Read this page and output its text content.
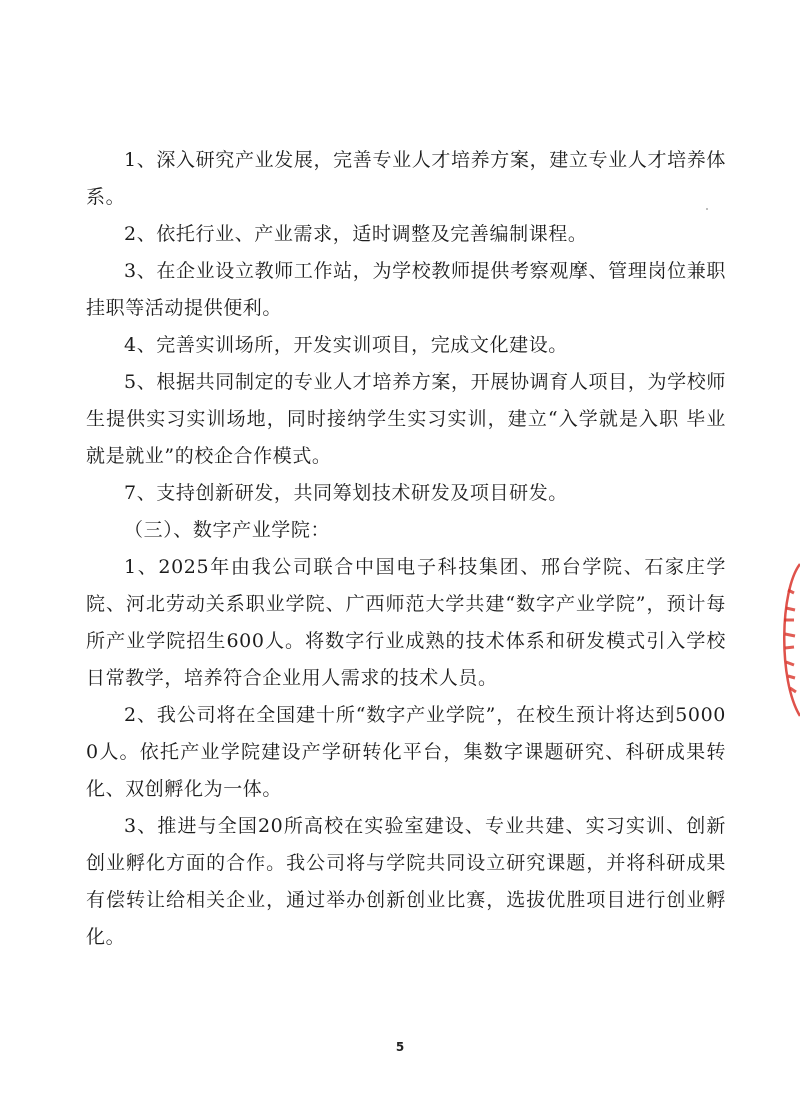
1、深入研究产业发展，完善专业人才培养方案，建立专业人才培养体系。

2、依托行业、产业需求，适时调整及完善编制课程。

3、在企业设立教师工作站，为学校教师提供考察观摩、管理岗位兼职挂职等活动提供便利。

4、完善实训场所，开发实训项目，完成文化建设。

5、根据共同制定的专业人才培养方案，开展协调育人项目，为学校师生提供实习实训场地，同时接纳学生实习实训，建立“入学就是入职 毕业就是就业”的校企合作模式。

7、支持创新研发，共同筹划技术研发及项目研发。

（三）、数字产业学院：

1、2025年由我公司联合中国电子科技集团、邢台学院、石家庄学院、河北劳动关系职业学院、广西师范大学共建“数字产业学院”，预计每所产业学院招生600人。将数字行业成熟的技术体系和研发模式引入学校日常教学，培养符合企业用人需求的技术人员。

2、我公司将在全国建十所“数字产业学院”，在校生预计将达到50000人。依托产业学院建设产学研转化平台，集数字课题研究、科研成果转化、双创孵化为一体。

3、推进与全国20所高校在实验室建设、专业共建、实习实训、创新创业孵化方面的合作。我公司将与学院共同设立研究课题，并将科研成果有偿转让给相关企业，通过举办创新创业比赛，选拔优胜项目进行创业孵化。

5
